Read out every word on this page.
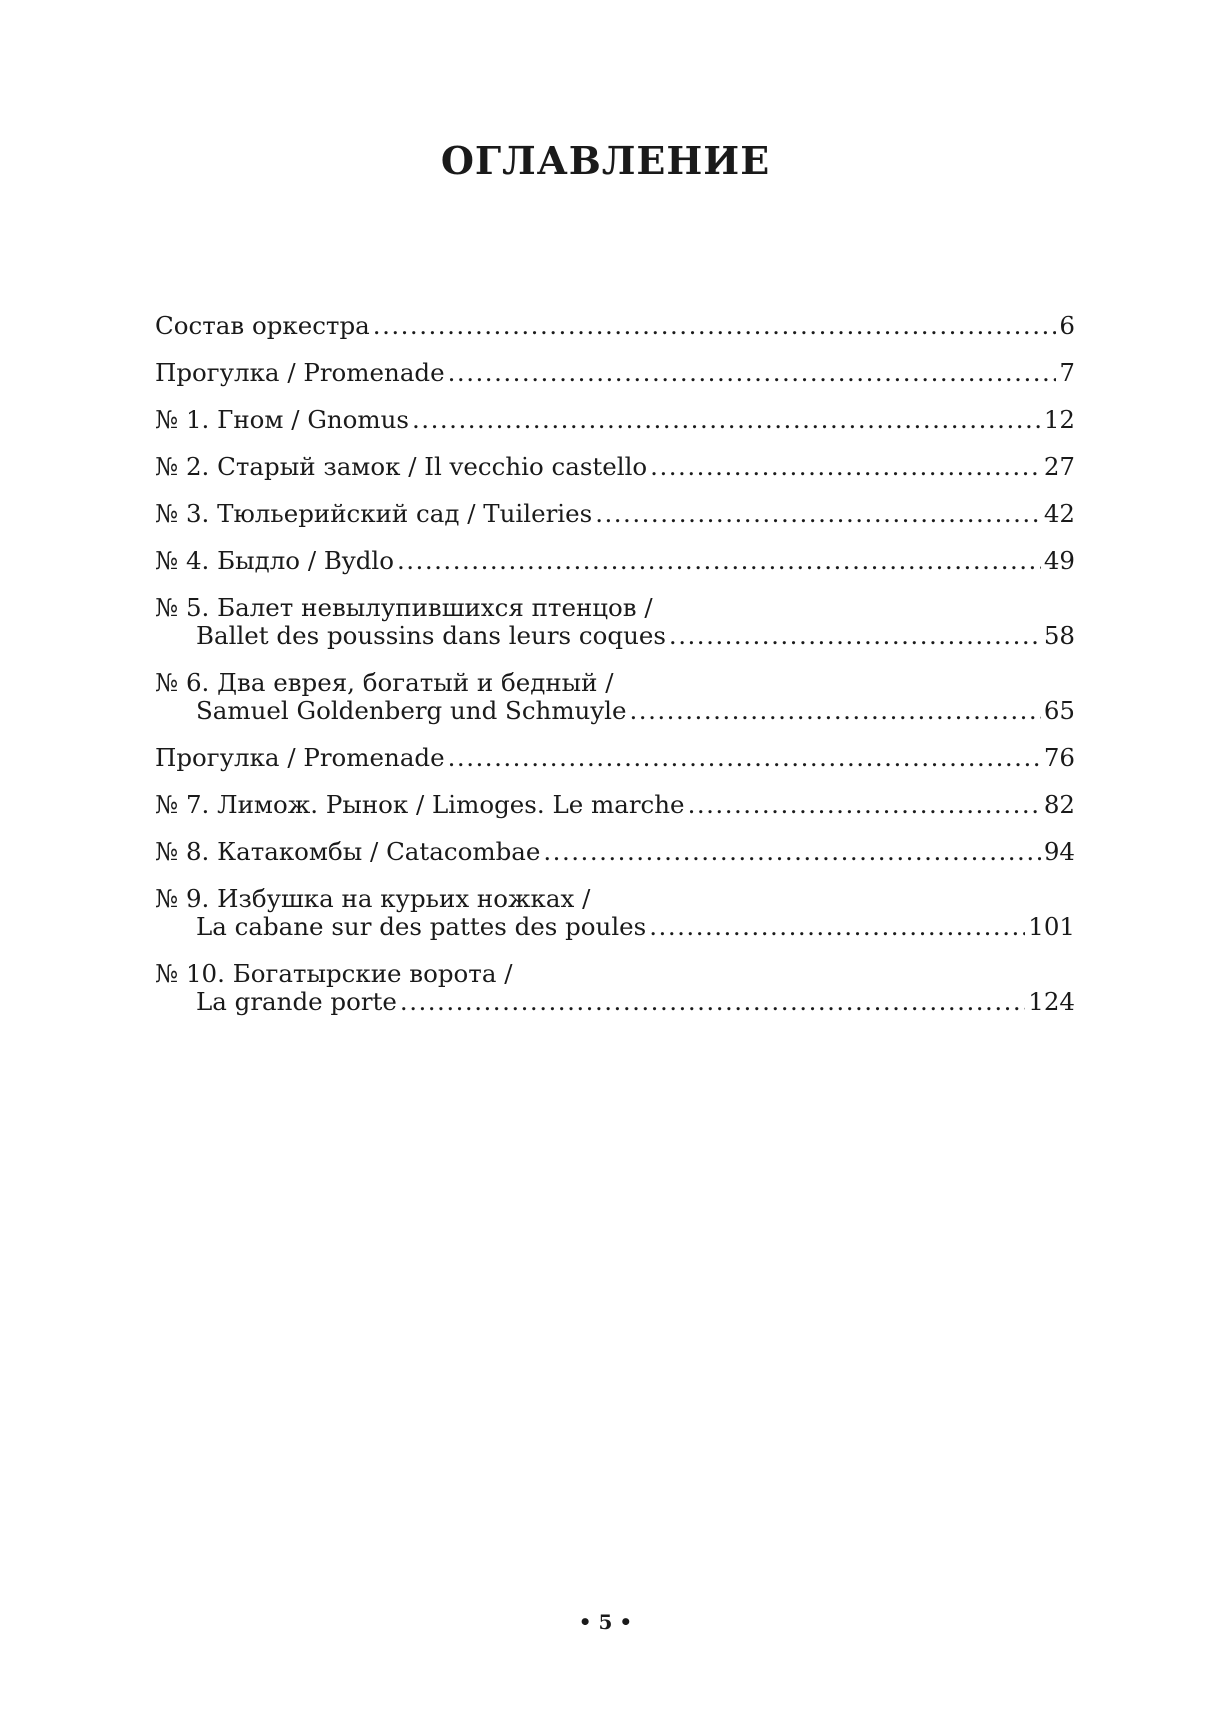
ОГЛАВЛЕНИЕ
Состав оркестра .....	6
Прогулка / Promenade .....	7
№ 1. Гном / Gnomus .....	12
№ 2. Старый замок / Il vecchio castello .....	27
№ 3. Тюльерийский сад / Tuileries .....	42
№ 4. Быдло / Bydlo .....	49
№ 5. Балет невылупившихся птенцов /
Ballet des poussins dans leurs coques .....	58
№ 6. Два еврея, богатый и бедный /
Samuel Goldenberg und Schmuyle .....	65
Прогулка / Promenade .....	76
№ 7. Лимож. Рынок / Limoges. Le marche .....	82
№ 8. Катакомбы / Catacombae .....	94
№ 9. Избушка на курьих ножках /
La cabane sur des pattes des poules .....	101
№ 10. Богатырские ворота /
La grande porte .....	124
• 5 •
